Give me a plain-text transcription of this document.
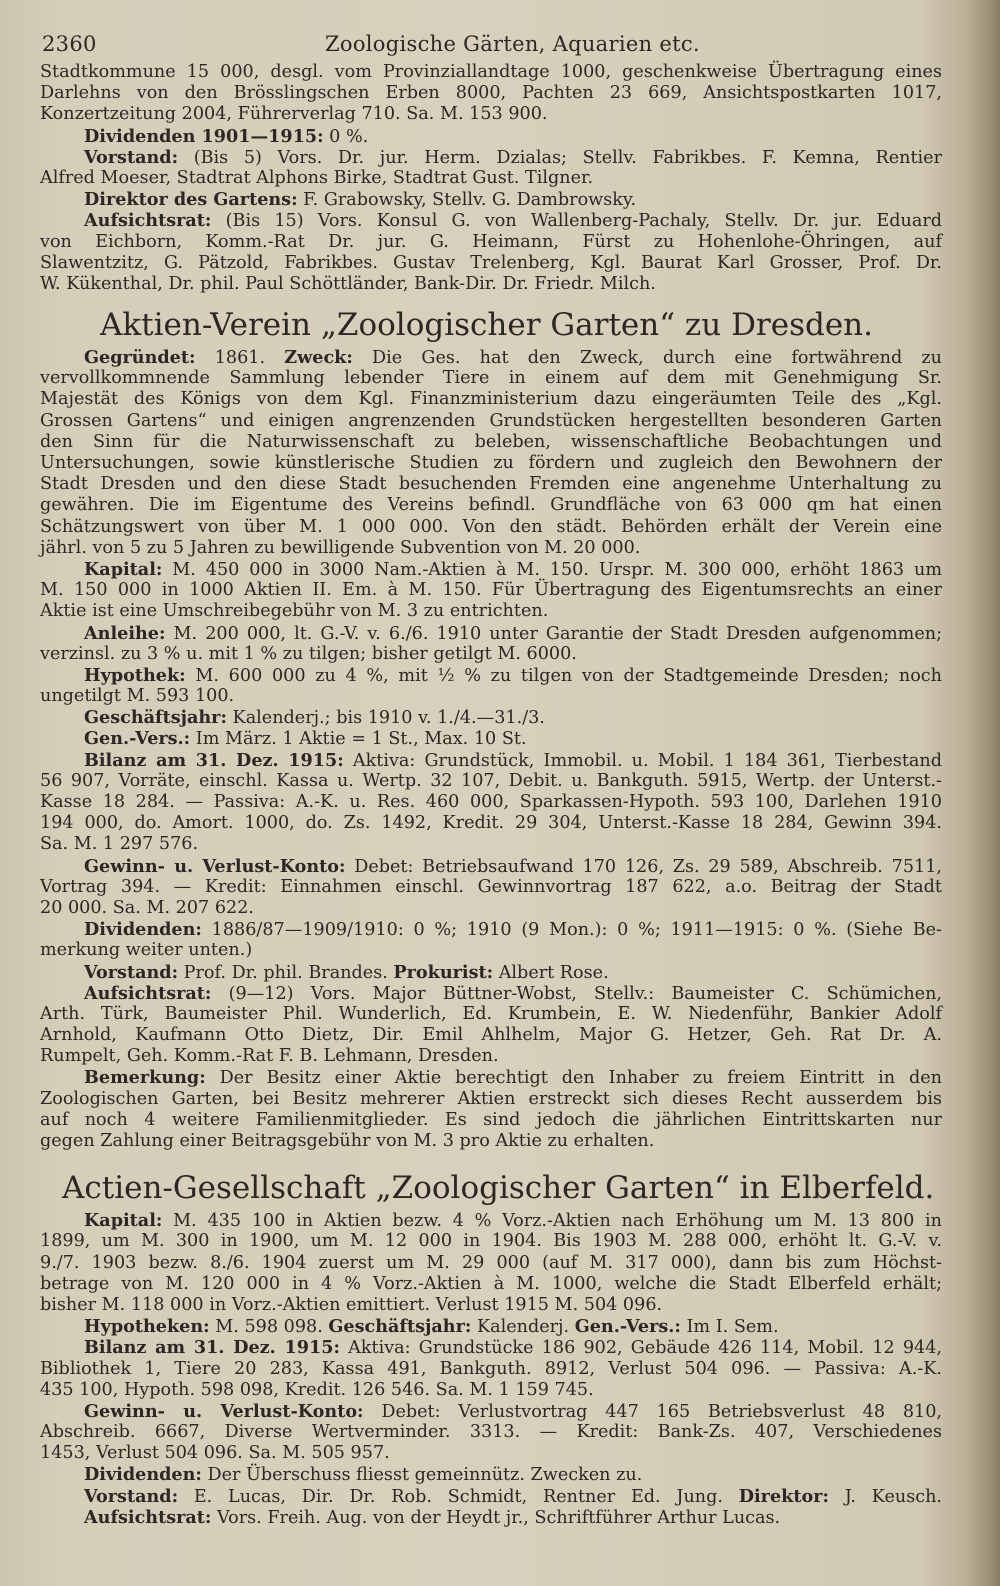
2360	Zoologische Gärten, Aquarien etc.
Stadtkommune 15 000, desgl. vom Provinziallandtage 1000, geschenkweise Übertragung eines
Darlehns von den Brösslingschen Erben 8000, Pachten 23 669, Ansichtspostkarten 1017,
Konzertzeitung 2004, Führerverlag 710. Sa. M. 153 900.
Dividenden 1901—1915: 0 %.
Vorstand: (Bis 5) Vors. Dr. jur. Herm. Dzialas; Stellv. Fabrikbes. F. Kemna, Rentier
Alfred Moeser, Stadtrat Alphons Birke, Stadtrat Gust. Tilgner.
Direktor des Gartens: F. Grabowsky, Stellv. G. Dambrowsky.
Aufsichtsrat: (Bis 15) Vors. Konsul G. von Wallenberg-Pachaly, Stellv. Dr. jur. Eduard
von Eichborn, Komm.-Rat Dr. jur. G. Heimann, Fürst zu Hohenlohe-Öhringen, auf
Slawentzitz, G. Pätzold, Fabrikbes. Gustav Trelenberg, Kgl. Baurat Karl Grosser, Prof. Dr.
W. Kükenthal, Dr. phil. Paul Schöttländer, Bank-Dir. Dr. Friedr. Milch.
Aktien-Verein „Zoologischer Garten“ zu Dresden.
Gegründet: 1861. Zweck: Die Ges. hat den Zweck, durch eine fortwährend zu
vervollkommnende Sammlung lebender Tiere in einem auf dem mit Genehmigung Sr.
Majestät des Königs von dem Kgl. Finanzministerium dazu eingeräumten Teile des „Kgl.
Grossen Gartens“ und einigen angrenzenden Grundstücken hergestellten besonderen Garten
den Sinn für die Naturwissenschaft zu beleben, wissenschaftliche Beobachtungen und
Untersuchungen, sowie künstlerische Studien zu fördern und zugleich den Bewohnern der
Stadt Dresden und den diese Stadt besuchenden Fremden eine angenehme Unterhaltung zu
gewähren. Die im Eigentume des Vereins befindl. Grundfläche von 63 000 qm hat einen
Schätzungswert von über M. 1 000 000. Von den städt. Behörden erhält der Verein eine
jährl. von 5 zu 5 Jahren zu bewilligende Subvention von M. 20 000.
Kapital: M. 450 000 in 3000 Nam.-Aktien à M. 150. Urspr. M. 300 000, erhöht 1863 um
M. 150 000 in 1000 Aktien II. Em. à M. 150. Für Übertragung des Eigentumsrechts an einer
Aktie ist eine Umschreibegebühr von M. 3 zu entrichten.
Anleihe: M. 200 000, lt. G.-V. v. 6./6. 1910 unter Garantie der Stadt Dresden aufgenommen;
verzinsl. zu 3 % u. mit 1 % zu tilgen; bisher getilgt M. 6000.
Hypothek: M. 600 000 zu 4 %, mit ½ % zu tilgen von der Stadtgemeinde Dresden; noch
ungetilgt M. 593 100.
Geschäftsjahr: Kalenderj.; bis 1910 v. 1./4.—31./3.
Gen.-Vers.: Im März. 1 Aktie = 1 St., Max. 10 St.
Bilanz am 31. Dez. 1915: Aktiva: Grundstück, Immobil. u. Mobil. 1 184 361, Tierbestand
56 907, Vorräte, einschl. Kassa u. Wertp. 32 107, Debit. u. Bankguth. 5915, Wertp. der Unterst.-
Kasse 18 284. — Passiva: A.-K. u. Res. 460 000, Sparkassen-Hypoth. 593 100, Darlehen 1910
194 000, do. Amort. 1000, do. Zs. 1492, Kredit. 29 304, Unterst.-Kasse 18 284, Gewinn 394.
Sa. M. 1 297 576.
Gewinn- u. Verlust-Konto: Debet: Betriebsaufwand 170 126, Zs. 29 589, Abschreib. 7511,
Vortrag 394. — Kredit: Einnahmen einschl. Gewinnvortrag 187 622, a.o. Beitrag der Stadt
20 000. Sa. M. 207 622.
Dividenden: 1886/87—1909/1910: 0 %; 1910 (9 Mon.): 0 %; 1911—1915: 0 %. (Siehe Be-
merkung weiter unten.)
Vorstand: Prof. Dr. phil. Brandes. Prokurist: Albert Rose.
Aufsichtsrat: (9—12) Vors. Major Büttner-Wobst, Stellv.: Baumeister C. Schümichen,
Arth. Türk, Baumeister Phil. Wunderlich, Ed. Krumbein, E. W. Niedenführ, Bankier Adolf
Arnhold, Kaufmann Otto Dietz, Dir. Emil Ahlhelm, Major G. Hetzer, Geh. Rat Dr. A.
Rumpelt, Geh. Komm.-Rat F. B. Lehmann, Dresden.
Bemerkung: Der Besitz einer Aktie berechtigt den Inhaber zu freiem Eintritt in den
Zoologischen Garten, bei Besitz mehrerer Aktien erstreckt sich dieses Recht ausserdem bis
auf noch 4 weitere Familienmitglieder. Es sind jedoch die jährlichen Eintrittskarten nur
gegen Zahlung einer Beitragsgebühr von M. 3 pro Aktie zu erhalten.
Actien-Gesellschaft „Zoologischer Garten“ in Elberfeld.
Kapital: M. 435 100 in Aktien bezw. 4 % Vorz.-Aktien nach Erhöhung um M. 13 800 in
1899, um M. 300 in 1900, um M. 12 000 in 1904. Bis 1903 M. 288 000, erhöht lt. G.-V. v.
9./7. 1903 bezw. 8./6. 1904 zuerst um M. 29 000 (auf M. 317 000), dann bis zum Höchst-
betrage von M. 120 000 in 4 % Vorz.-Aktien à M. 1000, welche die Stadt Elberfeld erhält;
bisher M. 118 000 in Vorz.-Aktien emittiert. Verlust 1915 M. 504 096.
Hypotheken: M. 598 098. Geschäftsjahr: Kalenderj. Gen.-Vers.: Im I. Sem.
Bilanz am 31. Dez. 1915: Aktiva: Grundstücke 186 902, Gebäude 426 114, Mobil. 12 944,
Bibliothek 1, Tiere 20 283, Kassa 491, Bankguth. 8912, Verlust 504 096. — Passiva: A.-K.
435 100, Hypoth. 598 098, Kredit. 126 546. Sa. M. 1 159 745.
Gewinn- u. Verlust-Konto: Debet: Verlustvortrag 447 165 Betriebsverlust 48 810,
Abschreib. 6667, Diverse Wertverminder. 3313. — Kredit: Bank-Zs. 407, Verschiedenes
1453, Verlust 504 096. Sa. M. 505 957.
Dividenden: Der Überschuss fliesst gemeinnütz. Zwecken zu.
Vorstand: E. Lucas, Dir. Dr. Rob. Schmidt, Rentner Ed. Jung. Direktor: J. Keusch.
Aufsichtsrat: Vors. Freih. Aug. von der Heydt jr., Schriftführer Arthur Lucas.
